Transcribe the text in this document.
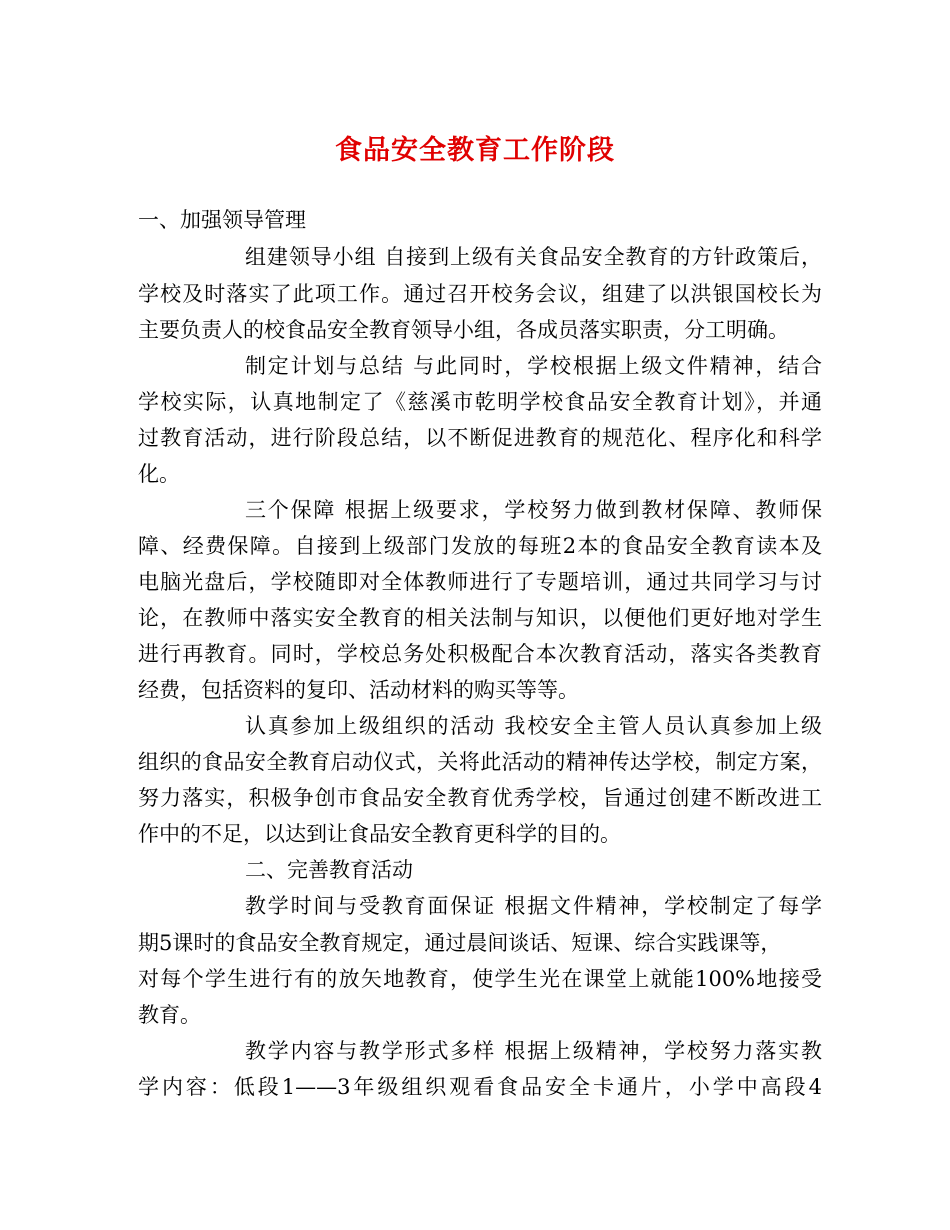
食品安全教育工作阶段

一、加强领导管理

组建领导小组 自接到上级有关食品安全教育的方针政策后，

学校及时落实了此项工作。通过召开校务会议，组建了以洪银国校长为

主要负责人的校食品安全教育领导小组，各成员落实职责，分工明确。

制定计划与总结 与此同时，学校根据上级文件精神，结合

学校实际，认真地制定了《慈溪市乾明学校食品安全教育计划》，并通

过教育活动，进行阶段总结，以不断促进教育的规范化、程序化和科学

化。

三个保障 根据上级要求，学校努力做到教材保障、教师保

障、经费保障。自接到上级部门发放的每班2本的食品安全教育读本及

电脑光盘后，学校随即对全体教师进行了专题培训，通过共同学习与讨

论，在教师中落实安全教育的相关法制与知识，以便他们更好地对学生

进行再教育。同时，学校总务处积极配合本次教育活动，落实各类教育

经费，包括资料的复印、活动材料的购买等等。

认真参加上级组织的活动 我校安全主管人员认真参加上级

组织的食品安全教育启动仪式，关将此活动的精神传达学校，制定方案，

努力落实，积极争创市食品安全教育优秀学校，旨通过创建不断改进工

作中的不足，以达到让食品安全教育更科学的目的。

二、完善教育活动

教学时间与受教育面保证 根据文件精神，学校制定了每学

期5课时的食品安全教育规定，通过晨间谈话、短课、综合实践课等，

对每个学生进行有的放矢地教育，使学生光在课堂上就能100%地接受

教育。

教学内容与教学形式多样 根据上级精神，学校努力落实教

学内容：低段1——3年级组织观看食品安全卡通片，小学中高段4
